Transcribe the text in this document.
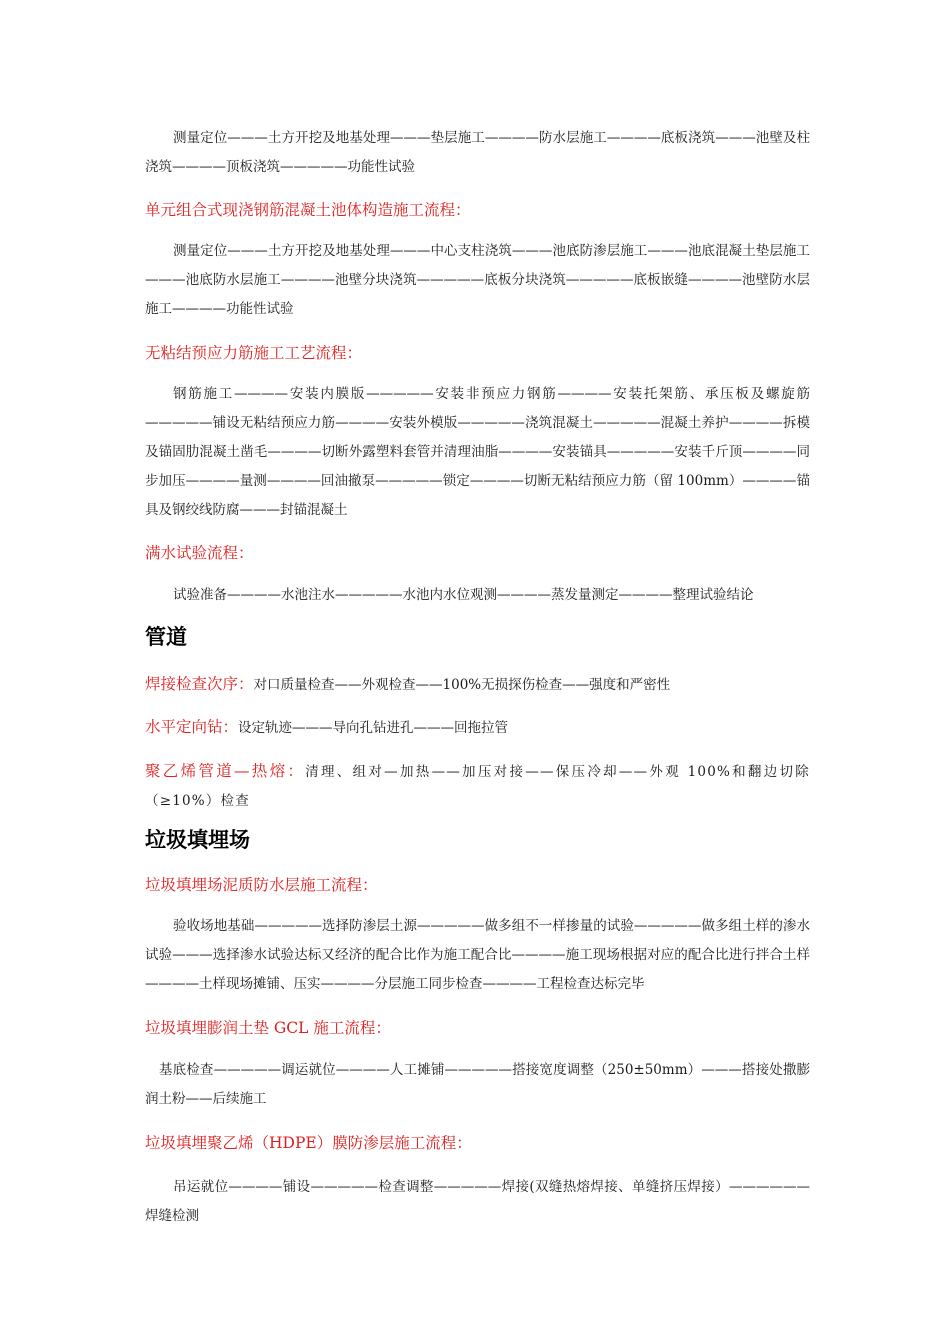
测量定位———土方开挖及地基处理———垫层施工————防水层施工————底板浇筑———池壁及柱浇筑————顶板浇筑—————功能性试验

单元组合式现浇钢筋混凝土池体构造施工流程：

测量定位———土方开挖及地基处理———中心支柱浇筑———池底防渗层施工———池底混凝土垫层施工———池底防水层施工————池壁分块浇筑—————底板分块浇筑—————底板嵌缝————池壁防水层施工————功能性试验

无粘结预应力筋施工工艺流程：

钢筋施工————安装内膜版—————安装非预应力钢筋————安装托架筋、承压板及螺旋筋—————铺设无粘结预应力筋————安装外模版—————浇筑混凝土—————混凝土养护————拆模及锚固肋混凝土凿毛————切断外露塑料套管并清理油脂————安装锚具—————安装千斤顶————同步加压————量测————回油撤泵—————锁定————切断无粘结预应力筋（留 100mm）————锚具及钢绞线防腐———封锚混凝土

满水试验流程：

试验准备————水池注水—————水池内水位观测————蒸发量测定————整理试验结论

管道

焊接检查次序：对口质量检查——外观检查——100%无损探伤检查——强度和严密性

水平定向钻：设定轨迹———导向孔钻进孔———回拖拉管

聚乙烯管道—热熔：清理、组对—加热——加压对接——保压冷却——外观 100%和翻边切除（≥10%）检查

垃圾填埋场

垃圾填埋场泥质防水层施工流程：

验收场地基础—————选择防渗层土源—————做多组不一样掺量的试验—————做多组土样的渗水试验———选择渗水试验达标又经济的配合比作为施工配合比————施工现场根据对应的配合比进行拌合土样————土样现场摊铺、压实————分层施工同步检查————工程检查达标完毕

垃圾填埋膨润土垫 GCL 施工流程：

基底检查—————调运就位————人工摊铺—————搭接宽度调整（250±50mm）———搭接处撒膨润土粉——后续施工

垃圾填埋聚乙烯（HDPE）膜防渗层施工流程：

吊运就位————铺设—————检查调整—————焊接(双缝热熔焊接、单缝挤压焊接）——————焊缝检测
